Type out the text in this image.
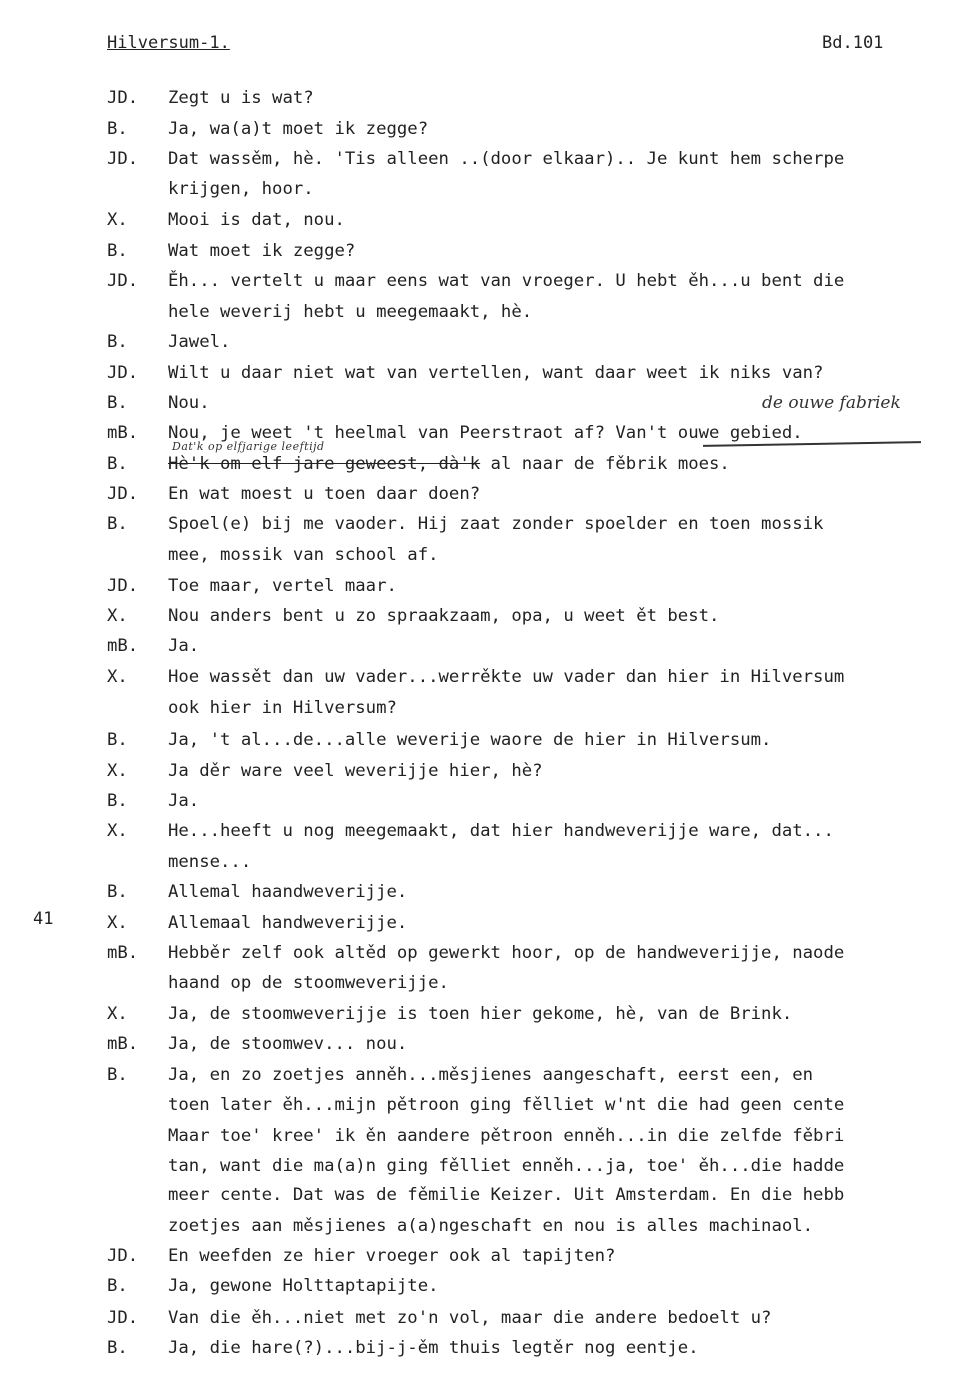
Hilversum-1.	Bd.101
41
JD. Zegt u is wat?
B. Ja, wa(a)t moet ik zegge?
JD. Dat wassěm, hè. 'Tis alleen ..(door elkaar).. Je kunt hem scherpe
krijgen, hoor.
X. Mooi is dat, nou.
B. Wat moet ik zegge?
JD. Ěh... vertelt u maar eens wat van vroeger. U hebt ěh...u bent die
hele weverij hebt u meegemaakt, hè.
B. Jawel.
JD. Wilt u daar niet wat van vertellen, want daar weet ik niks van?
B. Nou.
mB. Nou, je weet 't heelmal van Peerstraot af? Van't ouwe gebied.
B. Hè'k om elf jare geweest, dà'k al naar de fěbrik moes.
JD. En wat moest u toen daar doen?
B. Spoel(e) bij me vaoder. Hij zaat zonder spoelder en toen mossik
mee, mossik van school af.
JD. Toe maar, vertel maar.
X. Nou anders bent u zo spraakzaam, opa, u weet ět best.
mB. Ja.
X. Hoe wassět dan uw vader...werrěkte uw vader dan hier in Hilversum
ook hier in Hilversum?
B. Ja, 't al...de...alle weverije waore de hier in Hilversum.
X. Ja děr ware veel weverijje hier, hè?
B. Ja.
X. He...heeft u nog meegemaakt, dat hier handweverijje ware, dat...
mense...
B. Allemal haandweverijje.
X. Allemaal handweverijje.
mB. Hebběr zelf ook altěd op gewerkt hoor, op de handweverijje, naode
haand op de stoomweverijje.
X. Ja, de stoomweverijje is toen hier gekome, hè, van de Brink.
mB. Ja, de stoomwev... nou.
B. Ja, en zo zoetjes anněh...měsjienes aangeschaft, eerst een, en
toen later ěh...mijn pětroon ging fělliet w'nt die had geen cente
Maar toe' kree' ik ěn aandere pětroon enněh...in die zelfde fěbri
tan, want die ma(a)n ging fělliet enněh...ja, toe' ěh...die hadde
meer cente. Dat was de fěmilie Keizer. Uit Amsterdam. En die hebb
zoetjes aan měsjienes a(a)ngeschaft en nou is alles machinaol.
JD. En weefden ze hier vroeger ook al tapijten?
B. Ja, gewone Holttaptapijte.
JD. Van die ěh...niet met zo'n vol, maar die andere bedoelt u?
B. Ja, die hare(?)...bij-j-ěm thuis legtěr nog eentje.
de ouwe fabriek
Dat'k op elfjarige leeftijd
